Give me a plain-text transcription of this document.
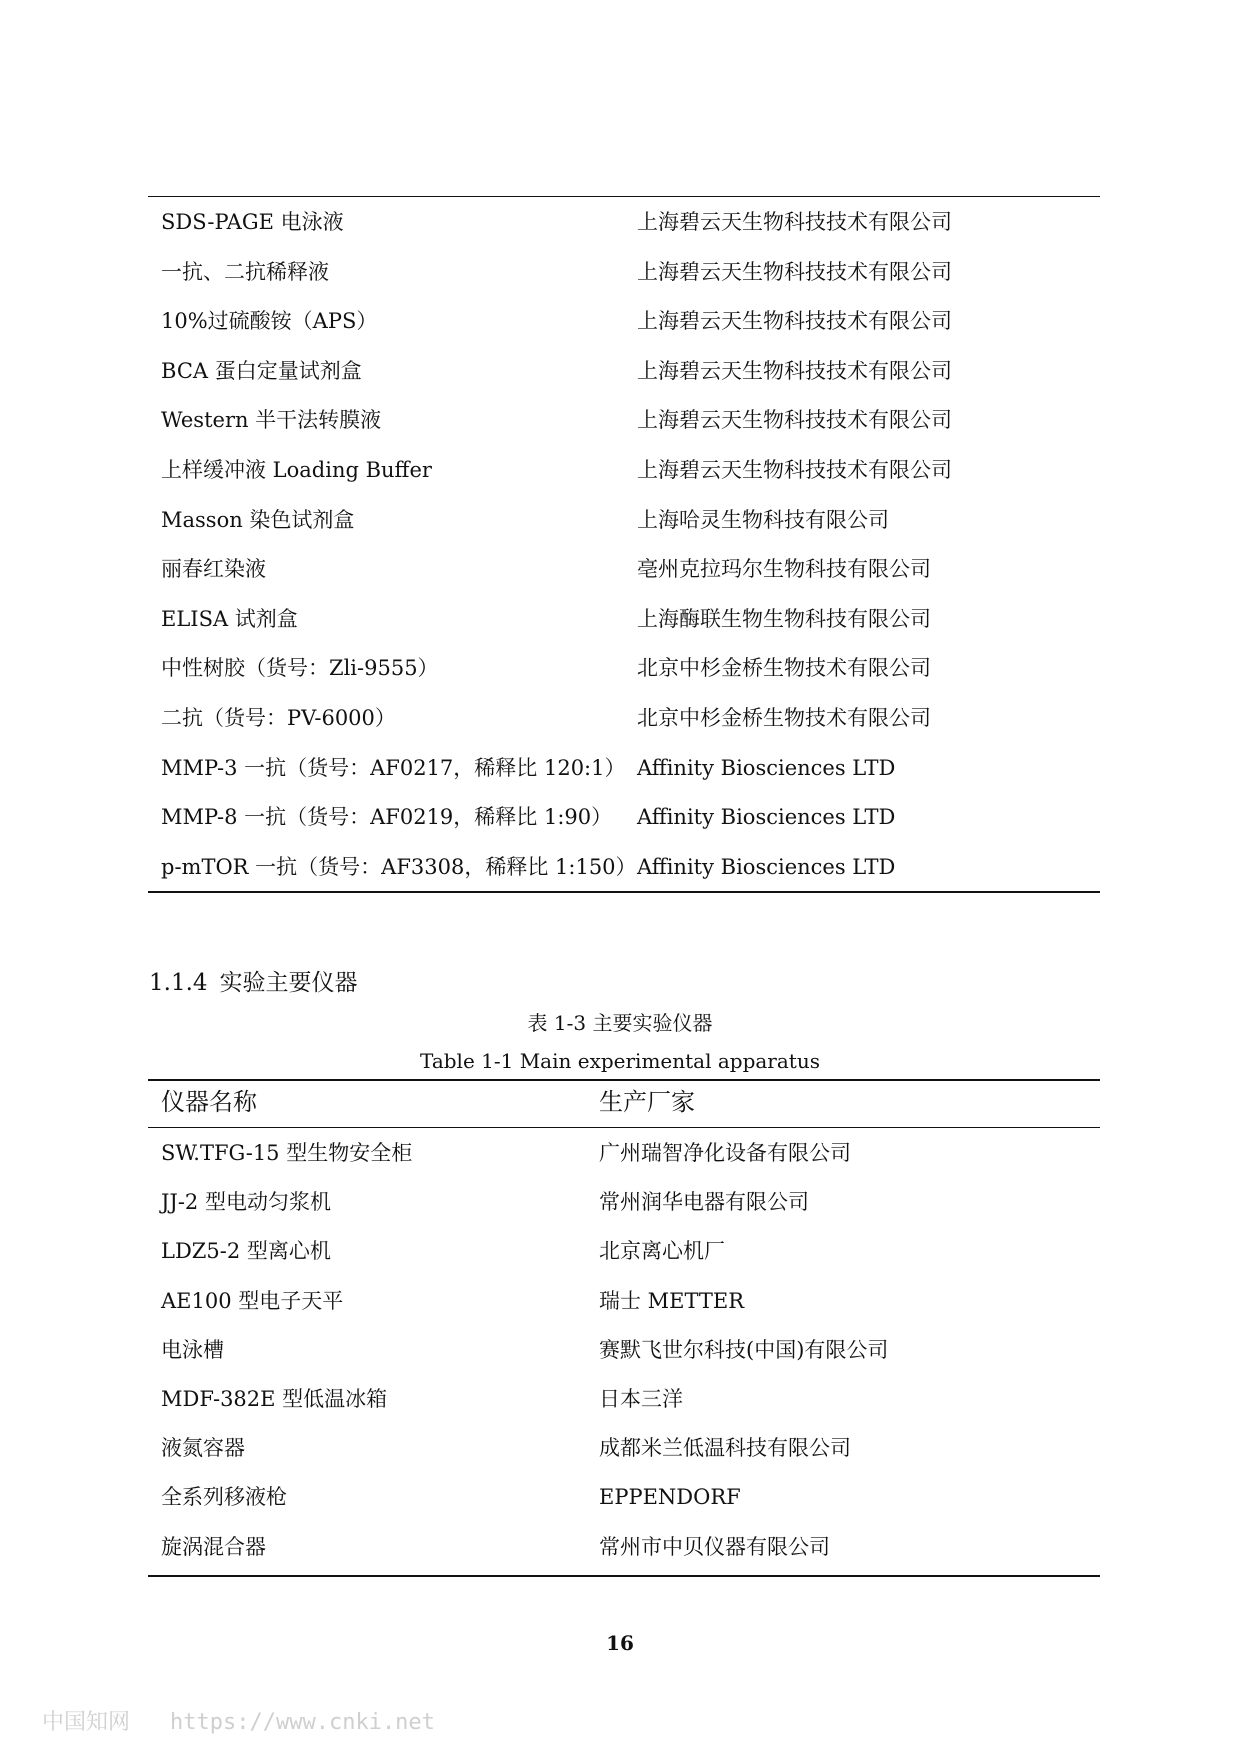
SDS-PAGE 电泳液	上海碧云天生物科技技术有限公司
一抗、二抗稀释液	上海碧云天生物科技技术有限公司
10%过硫酸铵（APS）	上海碧云天生物科技技术有限公司
BCA 蛋白定量试剂盒	上海碧云天生物科技技术有限公司
Western 半干法转膜液	上海碧云天生物科技技术有限公司
上样缓冲液 Loading Buffer	上海碧云天生物科技技术有限公司
Masson 染色试剂盒	上海哈灵生物科技有限公司
丽春红染液	亳州克拉玛尔生物科技有限公司
ELISA 试剂盒	上海酶联生物生物科技有限公司
中性树胶（货号：Zli-9555）	北京中杉金桥生物技术有限公司
二抗（货号：PV-6000）	北京中杉金桥生物技术有限公司
MMP-3 一抗（货号：AF0217，稀释比 120:1） Affinity Biosciences LTD
MMP-8 一抗（货号：AF0219，稀释比 1:90） Affinity Biosciences LTD
p-mTOR 一抗（货号：AF3308，稀释比 1:150） Affinity Biosciences LTD
1.1.4 实验主要仪器
表 1-3 主要实验仪器
Table 1-1 Main experimental apparatus
仪器名称	生产厂家
SW.TFG-15 型生物安全柜	广州瑞智净化设备有限公司
JJ-2 型电动匀浆机	常州润华电器有限公司
LDZ5-2 型离心机	北京离心机厂
AE100 型电子天平	瑞士 METTER
电泳槽	赛默飞世尔科技(中国)有限公司
MDF-382E 型低温冰箱	日本三洋
液氮容器	成都米兰低温科技有限公司
全系列移液枪	EPPENDORF
旋涡混合器	常州市中贝仪器有限公司
16
中国知网 https://www.cnki.net
